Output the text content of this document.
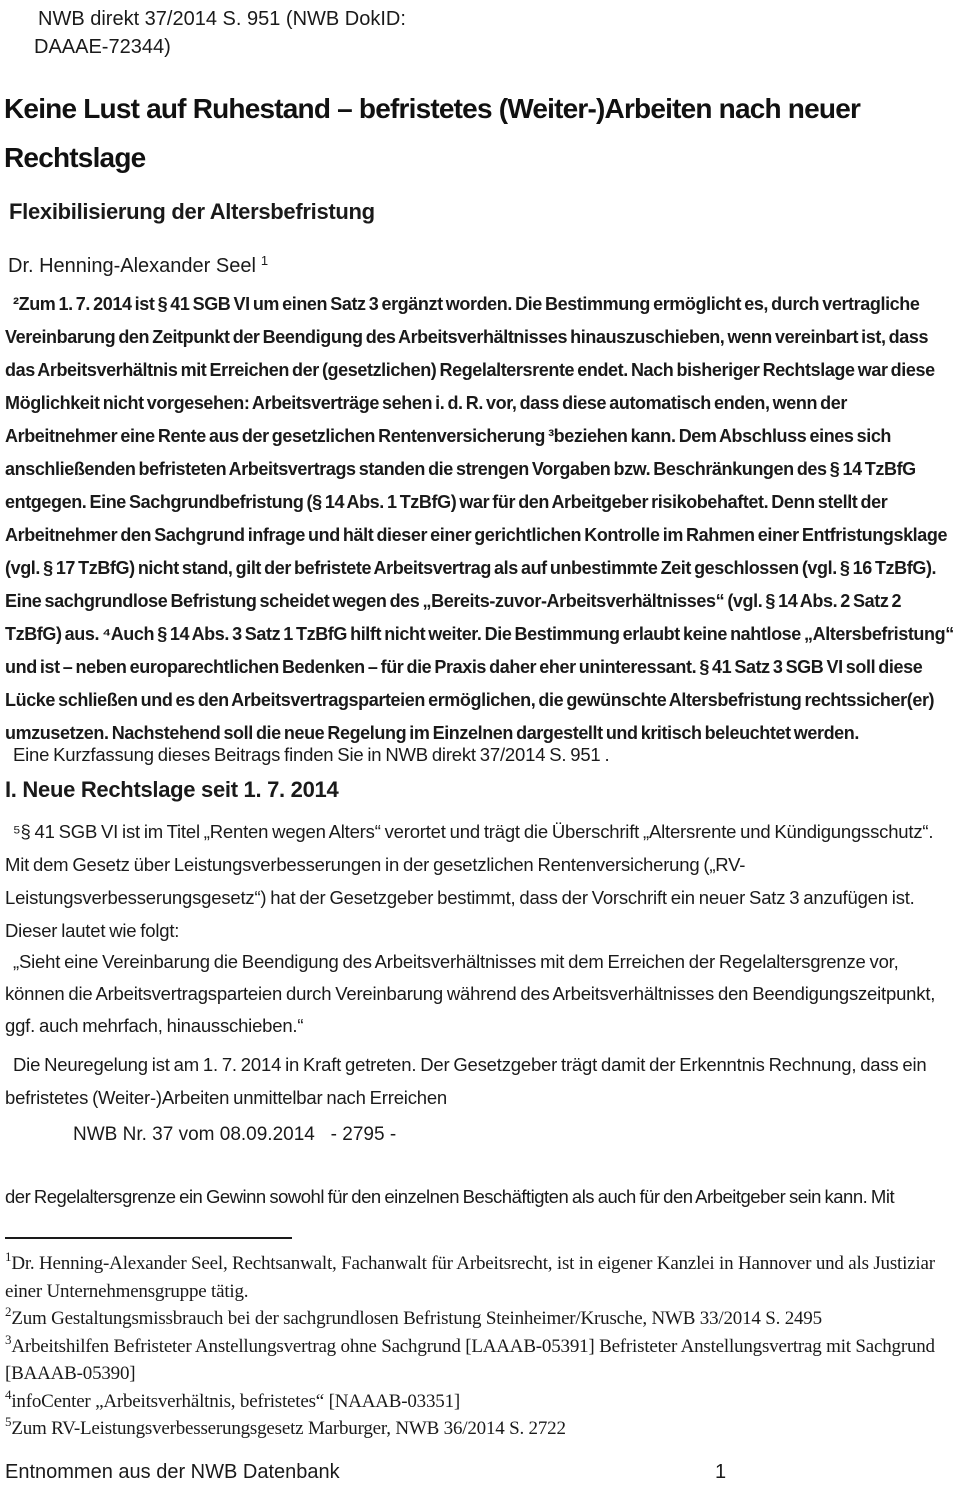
NWB direkt 37/2014 S. 951 (NWB DokID:
DAAAE-72344)
Keine Lust auf Ruhestand – befristetes (Weiter-)Arbeiten nach neuer
Rechtslage
Flexibilisierung der Altersbefristung
Dr. Henning-Alexander Seel $^1$

²Zum 1. 7. 2014 ist § 41 SGB VI um einen Satz 3 ergänzt worden. Die Bestimmung ermöglicht es, durch vertragliche Vereinbarung den Zeitpunkt der Beendigung des Arbeitsverhältnisses hinauszuschieben, wenn vereinbart ist, dass das Arbeitsverhältnis mit Erreichen der (gesetzlichen) Regelaltersrente endet. Nach bisheriger Rechtslage war diese Möglichkeit nicht vorgesehen: Arbeitsverträge sehen i. d. R. vor, dass diese automatisch enden, wenn der Arbeitnehmer eine Rente aus der gesetzlichen Rentenversicherung ³beziehen kann. Dem Abschluss eines sich anschließenden befristeten Arbeitsvertrags standen die strengen Vorgaben bzw. Beschränkungen des § 14 TzBfG entgegen. Eine Sachgrundbefristung (§ 14 Abs. 1 TzBfG) war für den Arbeitgeber risikobehaftet. Denn stellt der Arbeitnehmer den Sachgrund infrage und hält dieser einer gerichtlichen Kontrolle im Rahmen einer Entfristungsklage (vgl. § 17 TzBfG) nicht stand, gilt der befristete Arbeitsvertrag als auf unbestimmte Zeit geschlossen (vgl. § 16 TzBfG). Eine sachgrundlose Befristung scheidet wegen des „Bereits-zuvor-Arbeitsverhältnisses“ (vgl. § 14 Abs. 2 Satz 2 TzBfG) aus. ⁴Auch § 14 Abs. 3 Satz 1 TzBfG hilft nicht weiter. Die Bestimmung erlaubt keine nahtlose „Altersbefristung“ und ist – neben europarechtlichen Bedenken – für die Praxis daher eher uninteressant. § 41 Satz 3 SGB VI soll diese Lücke schließen und es den Arbeitsvertragsparteien ermöglichen, die gewünschte Altersbefristung rechtssicher(er) umzusetzen. Nachstehend soll die neue Regelung im Einzelnen dargestellt und kritisch beleuchtet werden.

Eine Kurzfassung dieses Beitrags finden Sie in NWB direkt 37/2014 S. 951 .

I. Neue Rechtslage seit 1. 7. 2014

⁵§ 41 SGB VI ist im Titel „Renten wegen Alters“ verortet und trägt die Überschrift „Altersrente und Kündigungsschutz“. Mit dem Gesetz über Leistungsverbesserungen in der gesetzlichen Rentenversicherung („RV-Leistungsverbesserungsgesetz“) hat der Gesetzgeber bestimmt, dass der Vorschrift ein neuer Satz 3 anzufügen ist. Dieser lautet wie folgt:

„Sieht eine Vereinbarung die Beendigung des Arbeitsverhältnisses mit dem Erreichen der Regelaltersgrenze vor, können die Arbeitsvertragsparteien durch Vereinbarung während des Arbeitsverhältnisses den Beendigungszeitpunkt, ggf. auch mehrfach, hinausschieben.“

Die Neuregelung ist am 1. 7. 2014 in Kraft getreten. Der Gesetzgeber trägt damit der Erkenntnis Rechnung, dass ein befristetes (Weiter-)Arbeiten unmittelbar nach Erreichen

NWB Nr. 37 vom 08.09.2014   - 2795 -

der Regelaltersgrenze ein Gewinn sowohl für den einzelnen Beschäftigten als auch für den Arbeitgeber sein kann. Mit

$^1$Dr. Henning-Alexander Seel, Rechtsanwalt, Fachanwalt für Arbeitsrecht, ist in eigener Kanzlei in Hannover und als Justiziar einer Unternehmensgruppe tätig.
$^2$Zum Gestaltungsmissbrauch bei der sachgrundlosen Befristung Steinheimer/Krusche, NWB 33/2014 S. 2495
$^3$Arbeitshilfen Befristeter Anstellungsvertrag ohne Sachgrund [LAAAB-05391] Befristeter Anstellungsvertrag mit Sachgrund [BAAAB-05390]
$^4$infoCenter „Arbeitsverhältnis, befristetes“ [NAAAB-03351]
$^5$Zum RV-Leistungsverbesserungsgesetz Marburger, NWB 36/2014 S. 2722
Entnommen aus der NWB Datenbank	1
